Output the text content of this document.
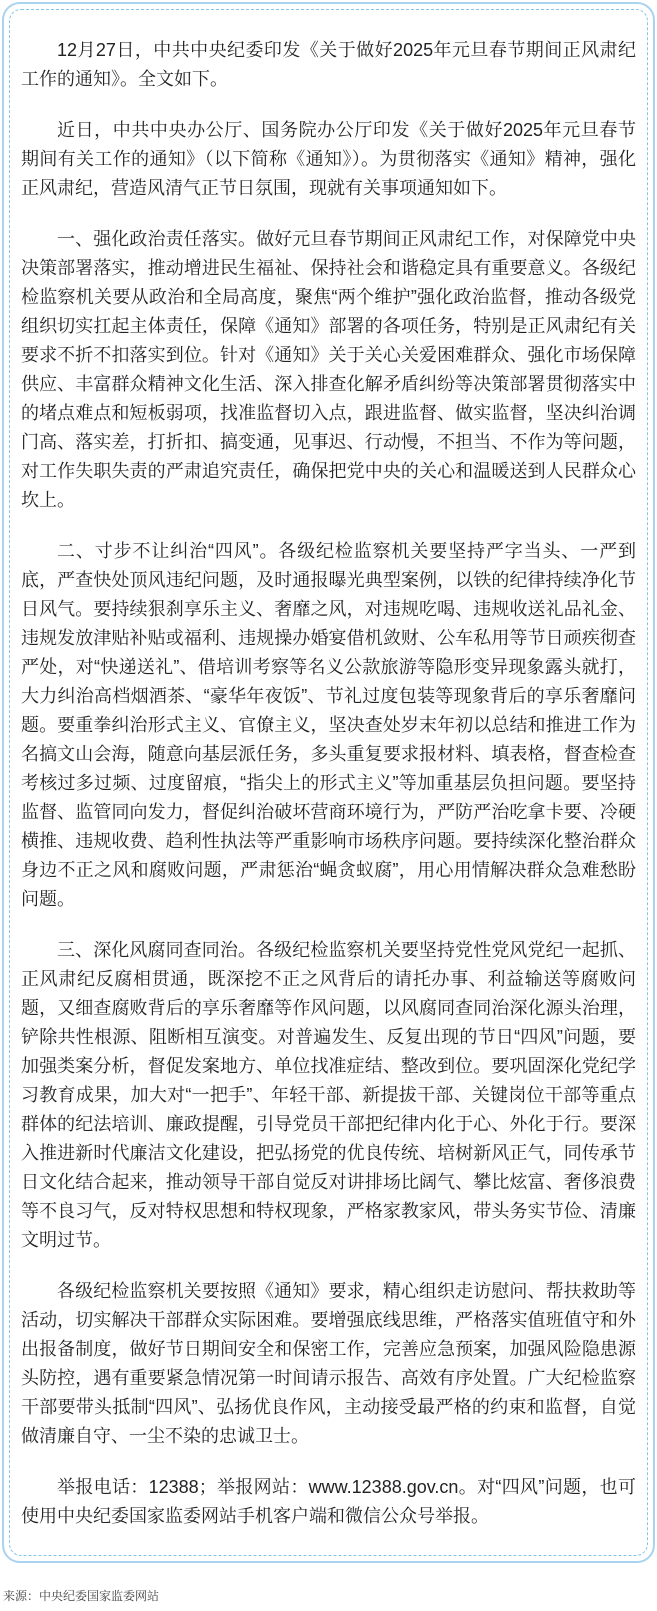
12月27日，中共中央纪委印发《关于做好2025年元旦春节期间正风肃纪工作的通知》。全文如下。

近日，中共中央办公厅、国务院办公厅印发《关于做好2025年元旦春节期间有关工作的通知》（以下简称《通知》）。为贯彻落实《通知》精神，强化正风肃纪，营造风清气正节日氛围，现就有关事项通知如下。

一、强化政治责任落实。做好元旦春节期间正风肃纪工作，对保障党中央决策部署落实，推动增进民生福祉、保持社会和谐稳定具有重要意义。各级纪检监察机关要从政治和全局高度，聚焦“两个维护”强化政治监督，推动各级党组织切实扛起主体责任，保障《通知》部署的各项任务，特别是正风肃纪有关要求不折不扣落实到位。针对《通知》关于关心关爱困难群众、强化市场保障供应、丰富群众精神文化生活、深入排查化解矛盾纠纷等决策部署贯彻落实中的堵点难点和短板弱项，找准监督切入点，跟进监督、做实监督，坚决纠治调门高、落实差，打折扣、搞变通，见事迟、行动慢，不担当、不作为等问题，对工作失职失责的严肃追究责任，确保把党中央的关心和温暖送到人民群众心坎上。

二、寸步不让纠治“四风”。各级纪检监察机关要坚持严字当头、一严到底，严查快处顶风违纪问题，及时通报曝光典型案例，以铁的纪律持续净化节日风气。要持续狠刹享乐主义、奢靡之风，对违规吃喝、违规收送礼品礼金、违规发放津贴补贴或福利、违规操办婚宴借机敛财、公车私用等节日顽疾彻查严处，对“快递送礼”、借培训考察等名义公款旅游等隐形变异现象露头就打，大力纠治高档烟酒茶、“豪华年夜饭”、节礼过度包装等现象背后的享乐奢靡问题。要重拳纠治形式主义、官僚主义，坚决查处岁末年初以总结和推进工作为名搞文山会海，随意向基层派任务，多头重复要求报材料、填表格，督查检查考核过多过频、过度留痕，“指尖上的形式主义”等加重基层负担问题。要坚持监督、监管同向发力，督促纠治破坏营商环境行为，严防严治吃拿卡要、冷硬横推、违规收费、趋利性执法等严重影响市场秩序问题。要持续深化整治群众身边不正之风和腐败问题，严肃惩治“蝇贪蚁腐”，用心用情解决群众急难愁盼问题。

三、深化风腐同查同治。各级纪检监察机关要坚持党性党风党纪一起抓、正风肃纪反腐相贯通，既深挖不正之风背后的请托办事、利益输送等腐败问题，又细查腐败背后的享乐奢靡等作风问题，以风腐同查同治深化源头治理，铲除共性根源、阻断相互演变。对普遍发生、反复出现的节日“四风”问题，要加强类案分析，督促发案地方、单位找准症结、整改到位。要巩固深化党纪学习教育成果，加大对“一把手”、年轻干部、新提拔干部、关键岗位干部等重点群体的纪法培训、廉政提醒，引导党员干部把纪律内化于心、外化于行。要深入推进新时代廉洁文化建设，把弘扬党的优良传统、培树新风正气，同传承节日文化结合起来，推动领导干部自觉反对讲排场比阔气、攀比炫富、奢侈浪费等不良习气，反对特权思想和特权现象，严格家教家风，带头务实节俭、清廉文明过节。

各级纪检监察机关要按照《通知》要求，精心组织走访慰问、帮扶救助等活动，切实解决干部群众实际困难。要增强底线思维，严格落实值班值守和外出报备制度，做好节日期间安全和保密工作，完善应急预案，加强风险隐患源头防控，遇有重要紧急情况第一时间请示报告、高效有序处置。广大纪检监察干部要带头抵制“四风”、弘扬优良作风，主动接受最严格的约束和监督，自觉做清廉自守、一尘不染的忠诚卫士。

举报电话：12388；举报网站：www.12388.gov.cn。对“四风”问题，也可使用中央纪委国家监委网站手机客户端和微信公众号举报。

来源：中央纪委国家监委网站
